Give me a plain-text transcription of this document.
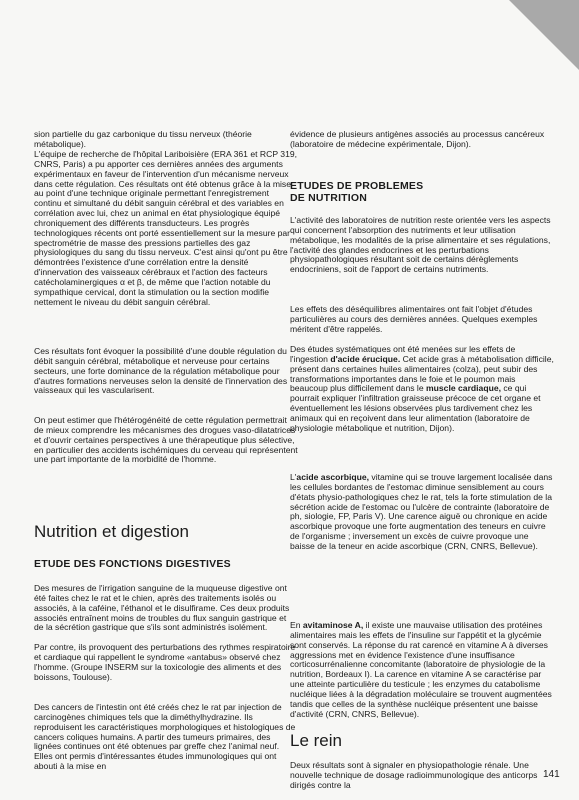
sion partielle du gaz carbonique du tissu nerveux (théorie métabolique).

L'équipe de recherche de l'hôpital Lariboisière (ERA 361 et RCP 319, CNRS, Paris) a pu apporter ces dernières années des arguments expérimentaux en faveur de l'intervention d'un mécanisme nerveux dans cette régulation. Ces résultats ont été obtenus grâce à la mise au point d'une technique originale permettant l'enregistrement continu et simultané du débit sanguin cérébral et des variables en corrélation avec lui, chez un animal en état physiologique équipé chroniquement des différents transducteurs. Les progrès technologiques récents ont porté essentiellement sur la mesure par spectrométrie de masse des pressions partielles des gaz physiologiques du sang du tissu nerveux. C'est ainsi qu'ont pu être démontrées l'existence d'une corrélation entre la densité d'innervation des vaisseaux cérébraux et l'action des facteurs catécholaminergiques α et β, de même que l'action notable du sympathique cervical, dont la stimulation ou la section modifie nettement le niveau du débit sanguin cérébral.

Ces résultats font évoquer la possibilité d'une double régulation du débit sanguin cérébral, métabolique et nerveuse pour certains secteurs, une forte dominance de la régulation métabolique pour d'autres formations nerveuses selon la densité de l'innervation des vaisseaux qui les vascularisent.

On peut estimer que l'hétérogénéité de cette régulation permettrait de mieux comprendre les mécanismes des drogues vaso-dilatatrices et d'ouvrir certaines perspectives à une thérapeutique plus sélective, en particulier des accidents ischémiques du cerveau qui représentent une part importante de la morbidité de l'homme.

Nutrition et digestion
ETUDE DES FONCTIONS DIGESTIVES

Des mesures de l'irrigation sanguine de la muqueuse digestive ont été faites chez le rat et le chien, après des traitements isolés ou associés, à la caféine, l'éthanol et le disulfirame. Ces deux produits associés entraînent moins de troubles du flux sanguin gastrique et de la sécrétion gastrique que s'ils sont administrés isolément.

Par contre, ils provoquent des perturbations des rythmes respiratoire et cardiaque qui rappellent le syndrome «antabus» observé chez l'homme. (Groupe INSERM sur la toxicologie des aliments et des boissons, Toulouse).

Des cancers de l'intestin ont été créés chez le rat par injection de carcinogènes chimiques tels que la diméthylhydrazine. Ils reproduisent les caractéristiques morphologiques et histologiques de cancers coliques humains. A partir des tumeurs primaires, des lignées continues ont été obtenues par greffe chez l'animal neuf. Elles ont permis d'intéressantes études immunologiques qui ont abouti à la mise en

évidence de plusieurs antigènes associés au processus cancéreux (laboratoire de médecine expérimentale, Dijon).

ETUDES DE PROBLEMES DE NUTRITION

L'activité des laboratoires de nutrition reste orientée vers les aspects qui concernent l'absorption des nutriments et leur utilisation métabolique, les modalités de la prise alimentaire et ses régulations, l'activité des glandes endocrines et les perturbations physiopathologiques résultant soit de certains dérèglements endocriniens, soit de l'apport de certains nutriments.

Les effets des déséquilibres alimentaires ont fait l'objet d'études particulières au cours des dernières années. Quelques exemples méritent d'être rappelés.

Des études systématiques ont été menées sur les effets de l'ingestion d'acide érucique. Cet acide gras à métabolisation difficile, présent dans certaines huiles alimentaires (colza), peut subir des transformations importantes dans le foie et le poumon mais beaucoup plus difficilement dans le muscle cardiaque, ce qui pourrait expliquer l'infiltration graisseuse précoce de cet organe et éventuellement les lésions observées plus tardivement chez les animaux qui en reçoivent dans leur alimentation (laboratoire de physiologie métabolique et nutrition, Dijon).

L'acide ascorbique, vitamine qui se trouve largement localisée dans les cellules bordantes de l'estomac diminue sensiblement au cours d'états physio-pathologiques chez le rat, tels la forte stimulation de la sécrétion acide de l'estomac ou l'ulcère de contrainte (laboratoire de ph, siologie, FP, Paris V). Une carence aiguë ou chronique en acide ascorbique provoque une forte augmentation des teneurs en cuivre de l'organisme ; inversement un excès de cuivre provoque une baisse de la teneur en acide ascorbique (CRN, CNRS, Bellevue).

En avitaminose A, il existe une mauvaise utilisation des protéines alimentaires mais les effets de l'insuline sur l'appétit et la glycémie sont conservés. La réponse du rat carencé en vitamine A à diverses aggressions met en évidence l'existence d'une insuffisance corticosurrénalienne concomitante (laboratoire de physiologie de la nutrition, Bordeaux I). La carence en vitamine A se caractérise par une atteinte particulière du testicule ; les enzymes du catabolisme nucléique liées à la dégradation moléculaire se trouvent augmentées tandis que celles de la synthèse nucléique présentent une baisse d'activité (CRN, CNRS, Bellevue).

Le rein

Deux résultats sont à signaler en physiopathologie rénale. Une nouvelle technique de dosage radioimmunologique des anticorps dirigés contre la

141
